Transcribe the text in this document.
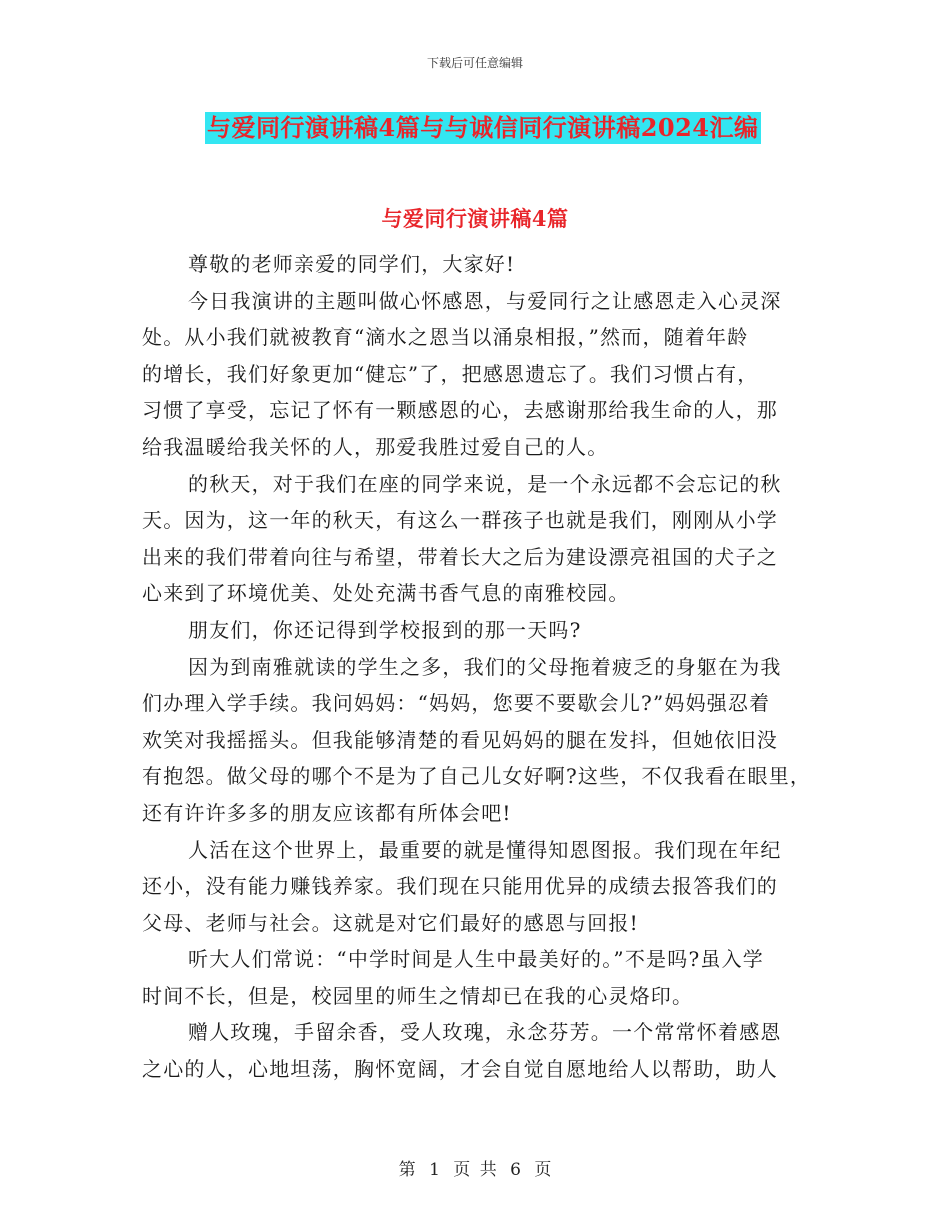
下载后可任意编辑
与爱同行演讲稿4篇与与诚信同行演讲稿2024汇编
与爱同行演讲稿4篇
尊敬的老师亲爱的同学们，大家好!
今日我演讲的主题叫做心怀感恩，与爱同行之让感恩走入心灵深
处。从小我们就被教育“滴水之恩当以涌泉相报，”然而，随着年龄
的增长，我们好象更加“健忘”了，把感恩遗忘了。我们习惯占有，
习惯了享受，忘记了怀有一颗感恩的心，去感谢那给我生命的人，那
给我温暖给我关怀的人，那爱我胜过爱自己的人。
的秋天，对于我们在座的同学来说，是一个永远都不会忘记的秋
天。因为，这一年的秋天，有这么一群孩子也就是我们，刚刚从小学
出来的我们带着向往与希望，带着长大之后为建设漂亮祖国的犬子之
心来到了环境优美、处处充满书香气息的南雅校园。
朋友们，你还记得到学校报到的那一天吗?
因为到南雅就读的学生之多，我们的父母拖着疲乏的身躯在为我
们办理入学手续。我问妈妈：“妈妈，您要不要歇会儿?”妈妈强忍着
欢笑对我摇摇头。但我能够清楚的看见妈妈的腿在发抖，但她依旧没
有抱怨。做父母的哪个不是为了自己儿女好啊?这些，不仅我看在眼里，
还有许许多多的朋友应该都有所体会吧!
人活在这个世界上，最重要的就是懂得知恩图报。我们现在年纪
还小，没有能力赚钱养家。我们现在只能用优异的成绩去报答我们的
父母、老师与社会。这就是对它们最好的感恩与回报!
听大人们常说：“中学时间是人生中最美好的。”不是吗?虽入学
时间不长，但是，校园里的师生之情却已在我的心灵烙印。
赠人玫瑰，手留余香，受人玫瑰，永念芬芳。一个常常怀着感恩
之心的人，心地坦荡，胸怀宽阔，才会自觉自愿地给人以帮助，助人
第 1 页 共 6 页
